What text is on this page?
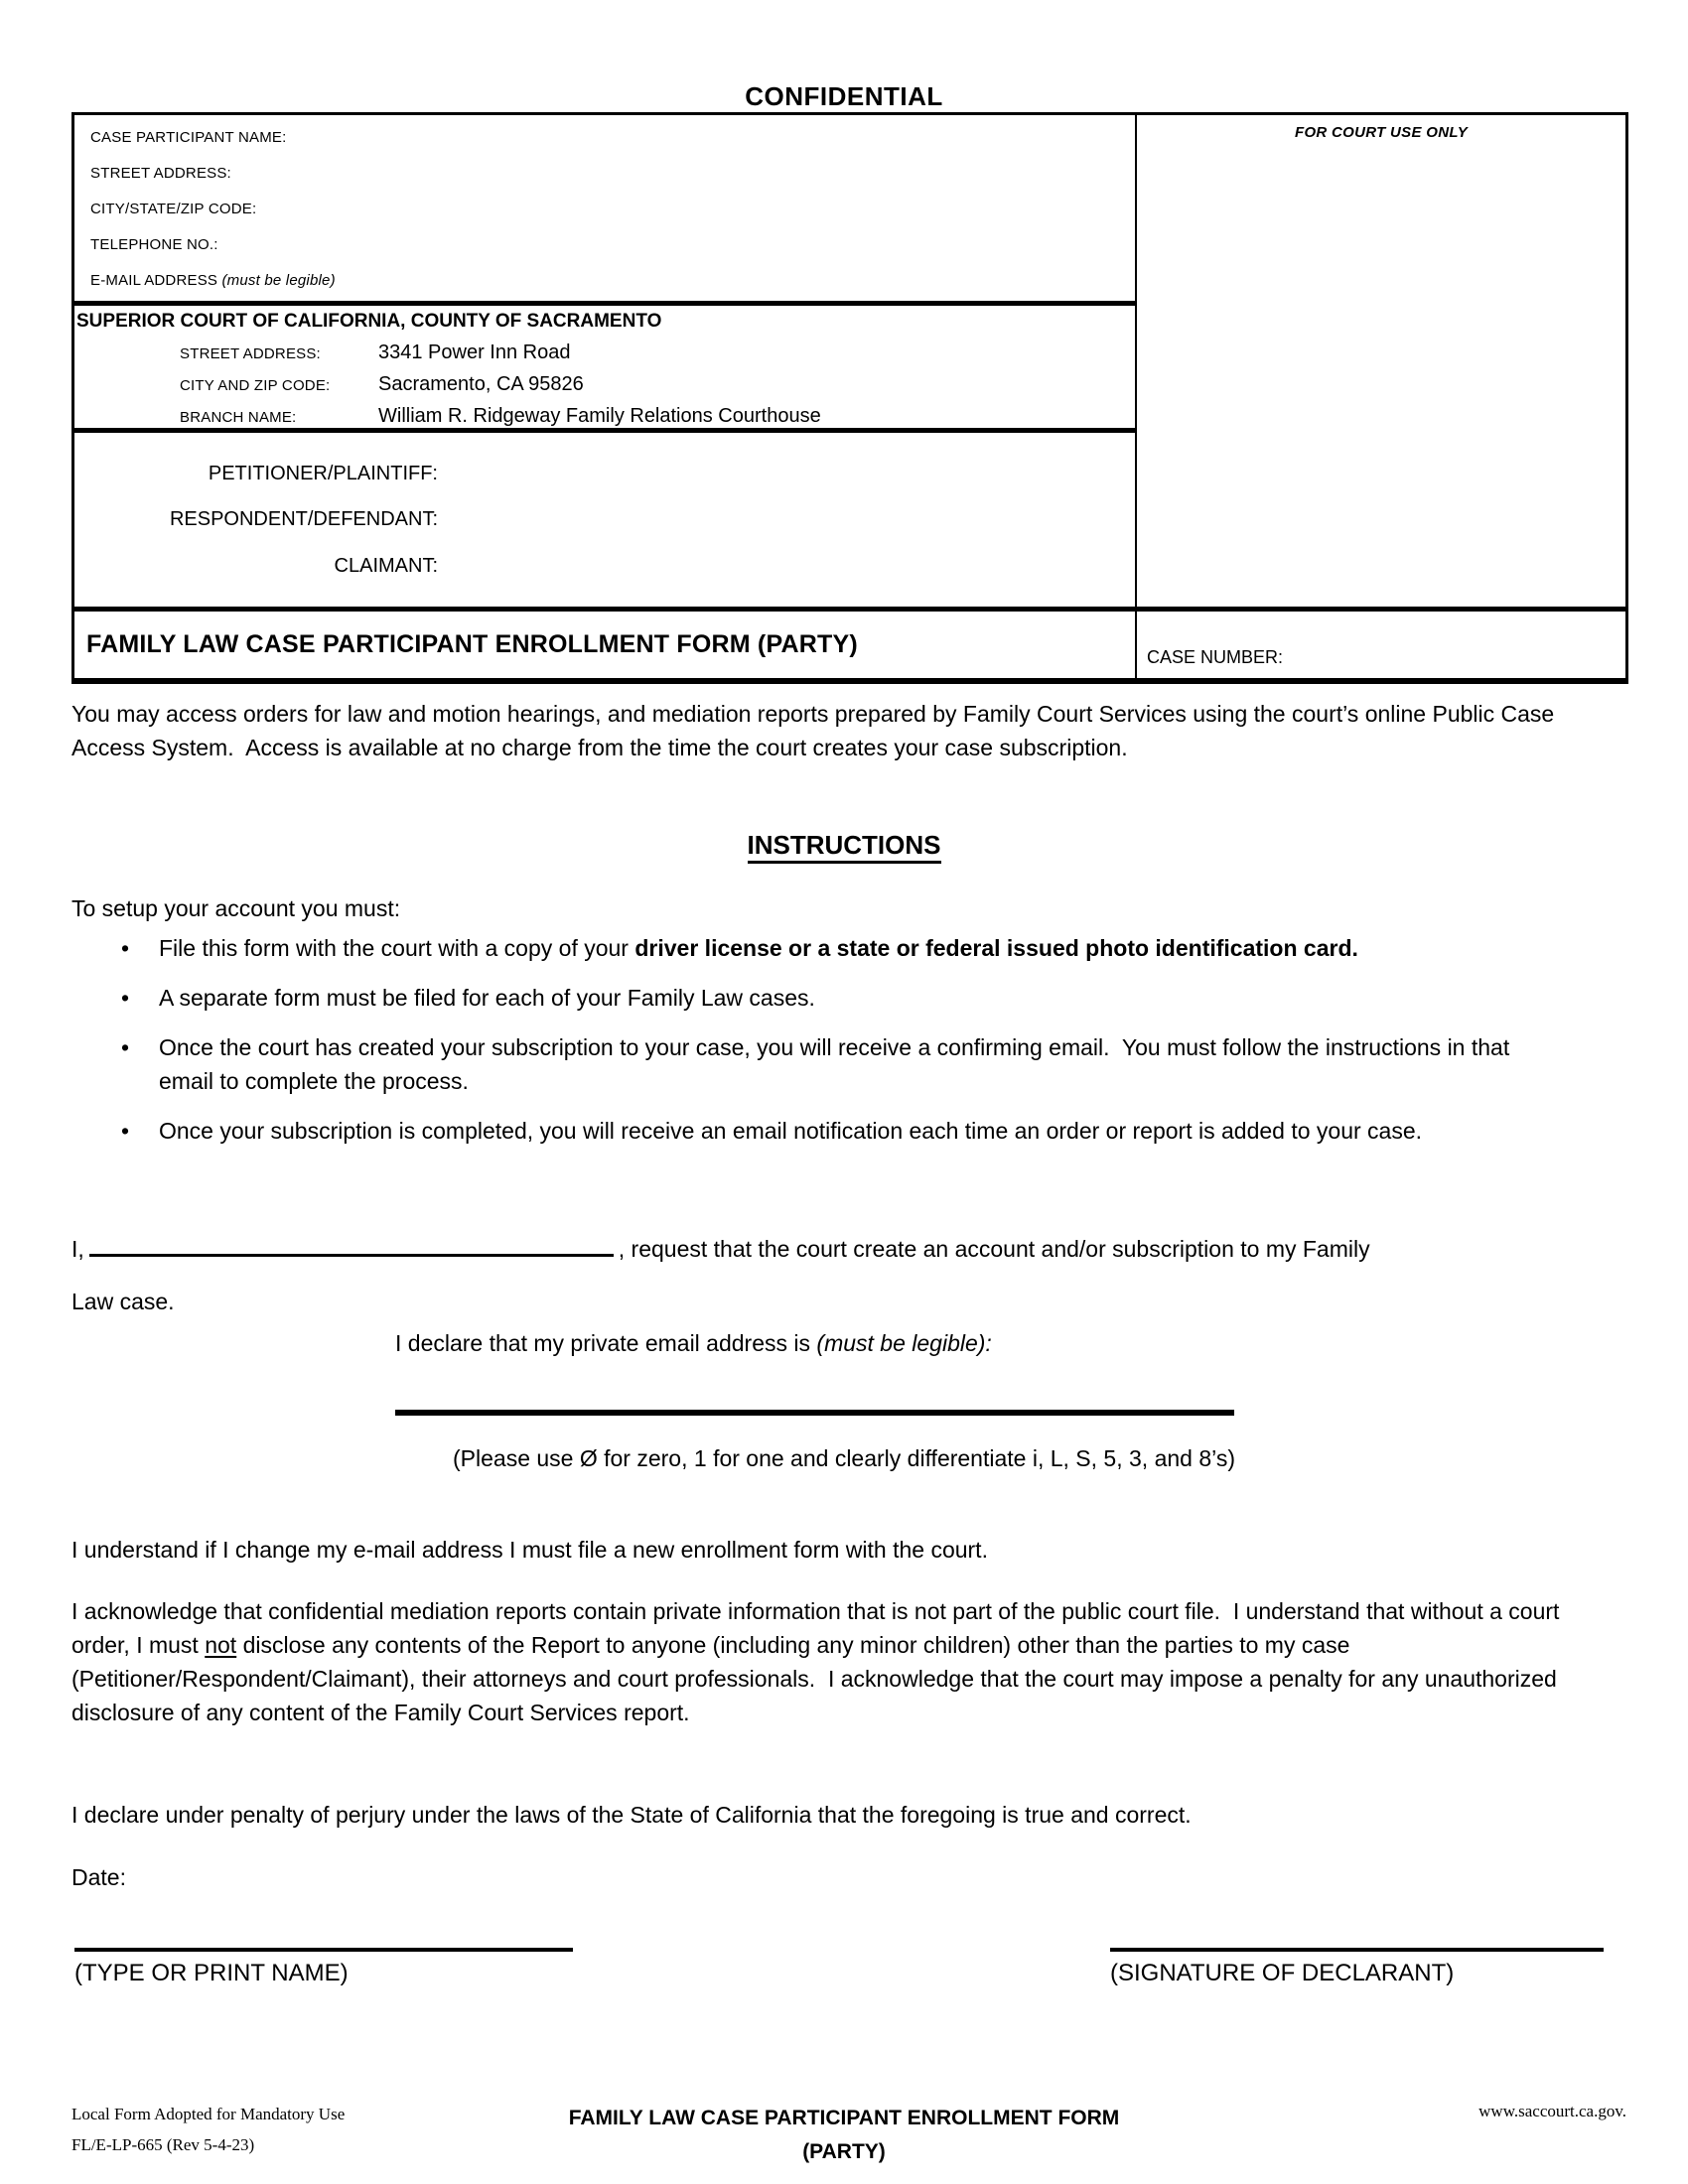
CONFIDENTIAL
CASE PARTICIPANT NAME:
STREET ADDRESS:
CITY/STATE/ZIP CODE:
TELEPHONE NO.:
E-MAIL ADDRESS (must be legible)
SUPERIOR COURT OF CALIFORNIA, COUNTY OF SACRAMENTO
STREET ADDRESS:	3341 Power Inn Road
CITY AND ZIP CODE:	Sacramento, CA 95826
BRANCH NAME:	William R. Ridgeway Family Relations Courthouse
PETITIONER/PLAINTIFF:
RESPONDENT/DEFENDANT:
CLAIMANT:
FAMILY LAW CASE PARTICIPANT ENROLLMENT FORM (PARTY)
FOR COURT USE ONLY
CASE NUMBER:
You may access orders for law and motion hearings, and mediation reports prepared by Family Court Services using the court’s online Public Case Access System.  Access is available at no charge from the time the court creates your case subscription.
INSTRUCTIONS
To setup your account you must:
•	File this form with the court with a copy of your driver license or a state or federal issued photo identification card.
•	A separate form must be filed for each of your Family Law cases.
•	Once the court has created your subscription to your case, you will receive a confirming email.  You must follow the instructions in that email to complete the process.
•	Once your subscription is completed, you will receive an email notification each time an order or report is added to your case.
I,	, request that the court create an account and/or subscription to my Family
Law case.
I declare that my private email address is (must be legible):
(Please use Ø for zero, 1 for one and clearly differentiate i, L, S, 5, 3, and 8’s)
I understand if I change my e-mail address I must file a new enrollment form with the court.
I acknowledge that confidential mediation reports contain private information that is not part of the public court file.  I understand that without a court order, I must not disclose any contents of the Report to anyone (including any minor children) other than the parties to my case (Petitioner/Respondent/Claimant), their attorneys and court professionals.  I acknowledge that the court may impose a penalty for any unauthorized disclosure of any content of the Family Court Services report.
I declare under penalty of perjury under the laws of the State of California that the foregoing is true and correct.
Date:
(TYPE OR PRINT NAME)	(SIGNATURE OF DECLARANT)
Local Form Adopted for Mandatory Use
FL/E-LP-665 (Rev 5-4-23)
FAMILY LAW CASE PARTICIPANT ENROLLMENT FORM
(PARTY)
www.saccourt.ca.gov.
